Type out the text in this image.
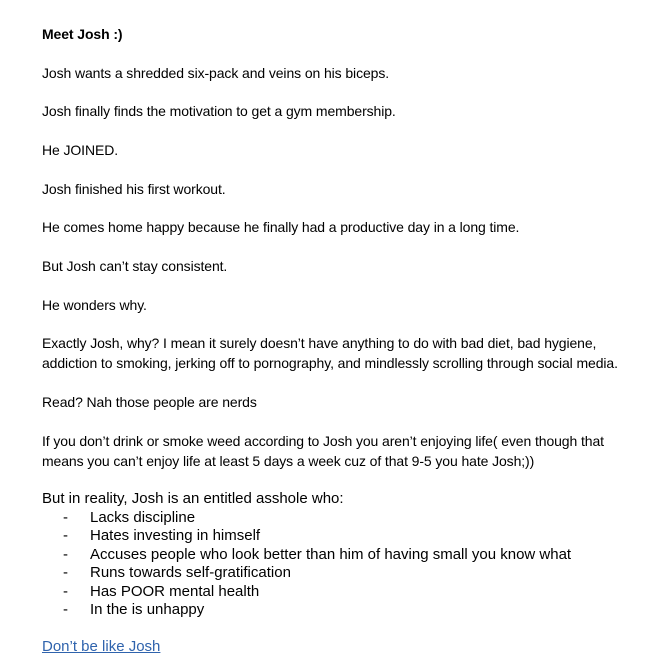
Meet Josh :)
Josh wants a shredded six-pack and veins on his biceps.
Josh finally finds the motivation to get a gym membership.
He JOINED.
Josh finished his first workout.
He comes home happy because he finally had a productive day in a long time.
But Josh can’t stay consistent.
He wonders why.
Exactly Josh, why? I mean it surely doesn’t have anything to do with bad diet, bad hygiene, addiction to smoking, jerking off to pornography, and mindlessly scrolling through social media.
Read? Nah those people are nerds
If you don’t drink or smoke weed according to Josh you aren’t enjoying life( even though that means you can’t enjoy life at least 5 days a week cuz of that 9-5 you hate Josh;))
But in reality, Josh is an entitled asshole who:
- Lacks discipline
- Hates investing in himself
- Accuses people who look better than him of having small you know what
- Runs towards self-gratification
- Has POOR mental health
- In the is unhappy
Don’t be like Josh
